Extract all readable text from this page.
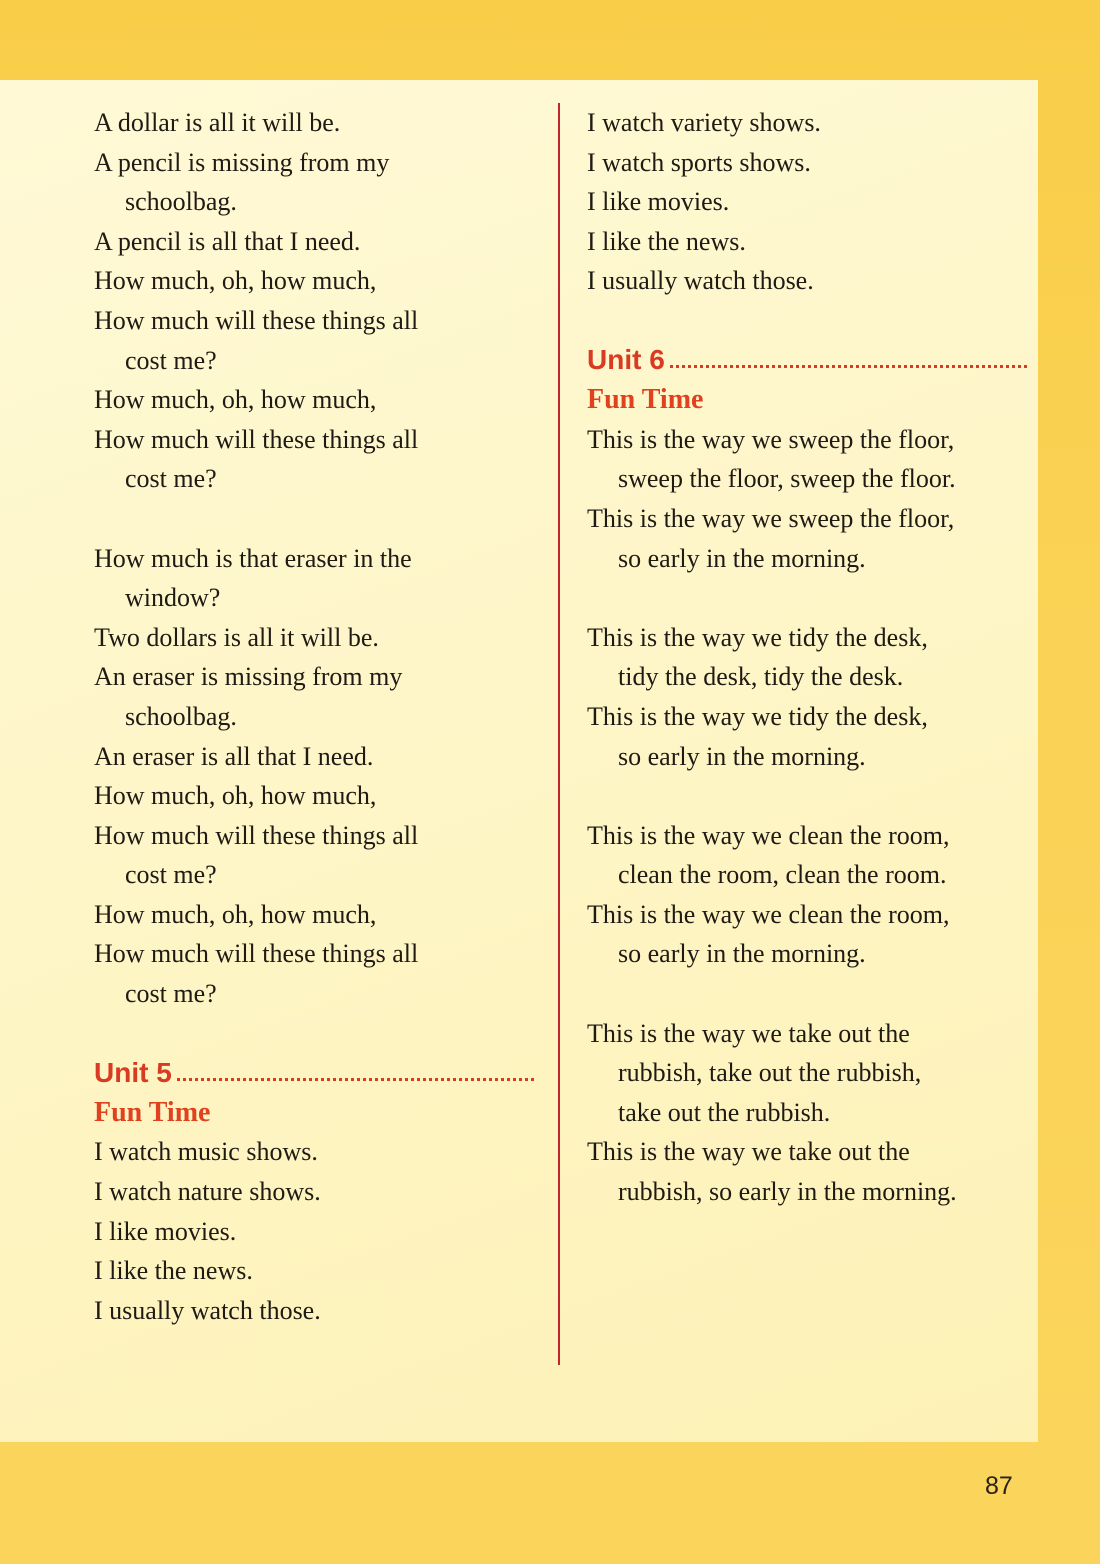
A dollar is all it will be.
A pencil is missing from my
schoolbag.
A pencil is all that I need.
How much, oh, how much,
How much will these things all
cost me?
How much, oh, how much,
How much will these things all
cost me?
How much is that eraser in the
window?
Two dollars is all it will be.
An eraser is missing from my
schoolbag.
An eraser is all that I need.
How much, oh, how much,
How much will these things all
cost me?
How much, oh, how much,
How much will these things all
cost me?
Unit 5
Fun Time
I watch music shows.
I watch nature shows.
I like movies.
I like the news.
I usually watch those.
I watch variety shows.
I watch sports shows.
I like movies.
I like the news.
I usually watch those.
Unit 6
Fun Time
This is the way we sweep the floor,
sweep the floor, sweep the floor.
This is the way we sweep the floor,
so early in the morning.
This is the way we tidy the desk,
tidy the desk, tidy the desk.
This is the way we tidy the desk,
so early in the morning.
This is the way we clean the room,
clean the room, clean the room.
This is the way we clean the room,
so early in the morning.
This is the way we take out the
rubbish, take out the rubbish,
take out the rubbish.
This is the way we take out the
rubbish, so early in the morning.
87
